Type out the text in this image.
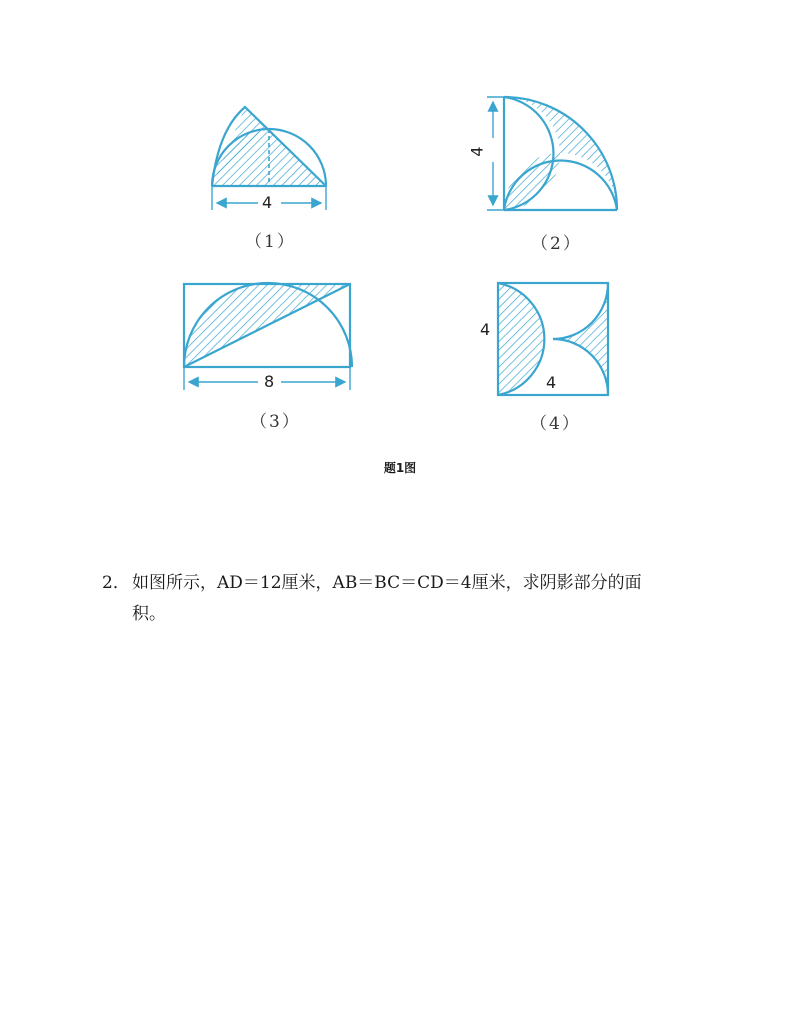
4
4
8
4
4
（1）	（2）
（3）	（4）
题1图
2． 如图所示，AD＝12厘米，AB＝BC＝CD＝4厘米，求阴影部分的面
积。
